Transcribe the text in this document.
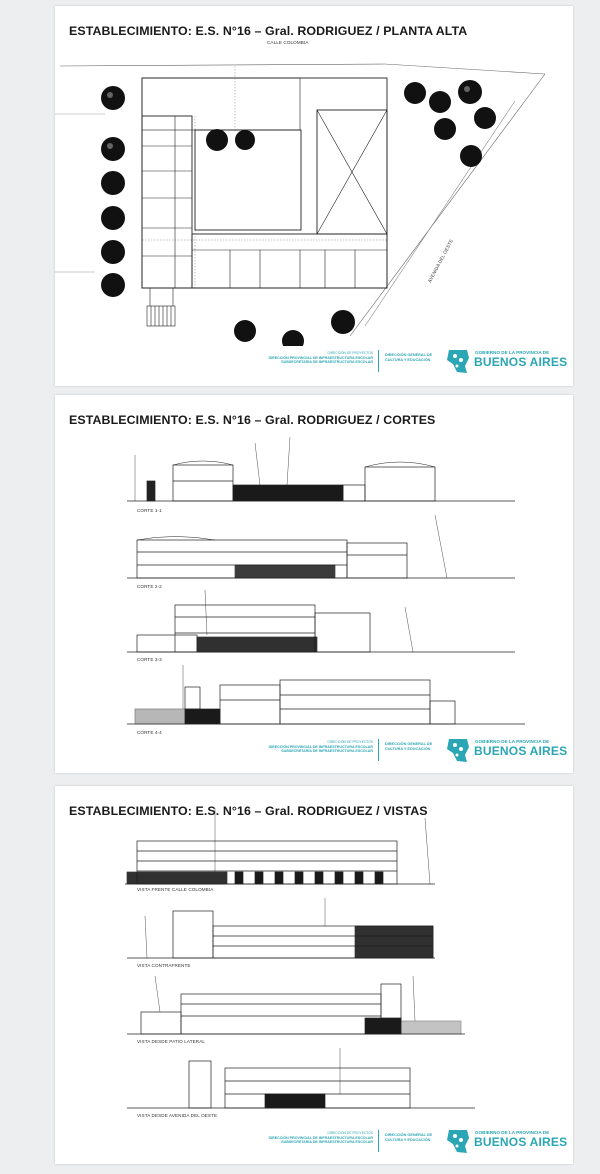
ESTABLECIMIENTO: E.S. N°16 – Gral. RODRIGUEZ / PLANTA ALTA
CALLE COLOMBIA
AVENIDA DEL OESTE
DIRECCIÓN DE PROYECTOS
DIRECCIÓN PROVINCIAL DE INFRAESTRUCTURA ESCOLAR
SUBSECRETARÍA DE INFRAESTRUCTURA ESCOLAR
DIRECCIÓN GENERAL DE
CULTURA Y EDUCACIÓN
GOBIERNO DE LA PROVINCIA DE
BUENOS AIRES
ESTABLECIMIENTO: E.S. N°16 – Gral. RODRIGUEZ / CORTES
CORTE 1-1
CORTE 2-2
CORTE 3-3
CORTE 4-4
DIRECCIÓN DE PROYECTOS
DIRECCIÓN PROVINCIAL DE INFRAESTRUCTURA ESCOLAR
SUBSECRETARÍA DE INFRAESTRUCTURA ESCOLAR
DIRECCIÓN GENERAL DE
CULTURA Y EDUCACIÓN
GOBIERNO DE LA PROVINCIA DE
BUENOS AIRES
ESTABLECIMIENTO: E.S. N°16 – Gral. RODRIGUEZ / VISTAS
VISTA FRENTE CALLE COLOMBIA
VISTA CONTRAFRENTE
VISTA DESDE PATIO LATERAL
VISTA DESDE AVENIDA DEL OESTE
DIRECCIÓN DE PROYECTOS
DIRECCIÓN PROVINCIAL DE INFRAESTRUCTURA ESCOLAR
SUBSECRETARÍA DE INFRAESTRUCTURA ESCOLAR
DIRECCIÓN GENERAL DE
CULTURA Y EDUCACIÓN
GOBIERNO DE LA PROVINCIA DE
BUENOS AIRES
